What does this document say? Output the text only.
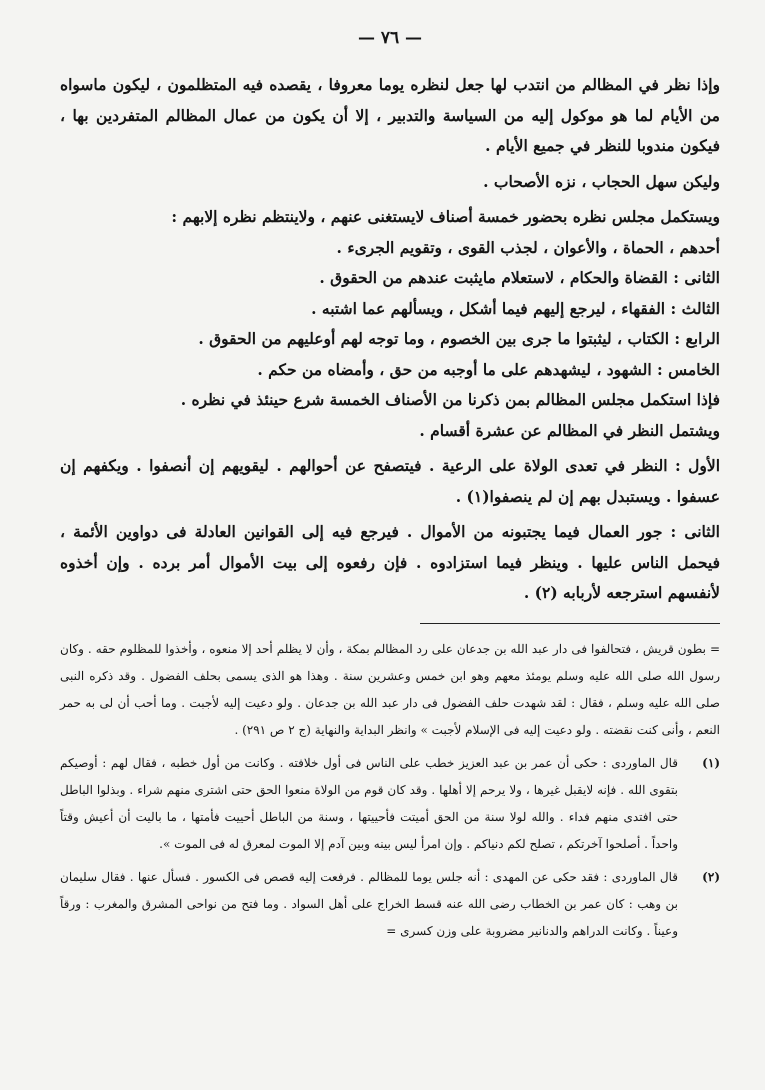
— ٧٦ —

وإذا نظر في المظالم من انتدب لها جعل لنظره يوما معروفا ، يقصده فيه المتظلمون ، ليكون ماسواه من الأيام لما هو موكول إليه من السياسة والتدبير ، إلا أن يكون من عمال المظالم المتفردين بها ، فيكون مندوبا للنظر في جميع الأيام .

وليكن سهل الحجاب ، نزه الأصحاب .

ويستكمل مجلس نظره بحضور خمسة أصناف لايستغنى عنهم ، ولاينتظم نظره إلابهم :

أحدهم ، الحماة ، والأعوان ، لجذب القوى ، وتقويم الجرىء .

الثانى : القضاة والحكام ، لاستعلام مايثبت عندهم من الحقوق .

الثالث : الفقهاء ، ليرجع إليهم فيما أشكل ، ويسألهم عما اشتبه .

الرابع : الكتاب ، ليثبتوا ما جرى بين الخصوم ، وما توجه لهم أوعليهم من الحقوق .

الخامس : الشهود ، ليشهدهم على ما أوجبه من حق ، وأمضاه من حكم .

فإذا استكمل مجلس المظالم بمن ذكرنا من الأصناف الخمسة شرع حينئذ في نظره .

ويشتمل النظر في المظالم عن عشرة أقسام .

الأول : النظر في تعدى الولاة على الرعية . فيتصفح عن أحوالهم . ليقويهم إن أنصفوا . ويكفهم إن عسفوا . ويستبدل بهم إن لم ينصفوا(١) .

الثانى : جور العمال فيما يجتبونه من الأموال . فيرجع فيه إلى القوانين العادلة فى دواوين الأئمة ، فيحمل الناس عليها . وينظر فيما استزادوه . فإن رفعوه إلى بيت الأموال أمر برده . وإن أخذوه لأنفسهم استرجعه لأربابه (٢) .

= بطون قريش ، فتحالفوا فى دار عبد الله بن جدعان على رد المظالم بمكة ، وأن لا يظلم أحد إلا منعوه ، وأخذوا للمظلوم حقه . وكان رسول الله صلى الله عليه وسلم يومئذ معهم وهو ابن خمس وعشرين سنة . وهذا هو الذى يسمى بحلف الفضول . وقد ذكره النبى صلى الله عليه وسلم ، فقال : لقد شهدت حلف الفضول فى دار عبد الله بن جدعان . ولو دعيت إليه لأجبت . وما أحب أن لى به حمر النعم ، وأنى كنت نقضته . ولو دعيت إليه فى الإسلام لأجبت » وانظر البداية والنهاية (ج ٢ ص ٢٩١) .
(١)
قال الماوردى : حكى أن عمر بن عبد العزيز خطب على الناس فى أول خلافته . وكانت من أول خطبه ، فقال لهم : أوصيكم بتقوى الله . فإنه لايقبل غيرها ، ولا يرحم إلا أهلها . وقد كان قوم من الولاة منعوا الحق حتى اشترى منهم شراء . وبذلوا الباطل حتى افتدى منهم فداء . والله لولا سنة من الحق أميتت فأحييتها ، وسنة من الباطل أحييت فأمتها ، ما باليت أن أعيش وقتاً واحداً . أصلحوا آخرتكم ، تصلح لكم دنياكم . وإن امرأ ليس بينه وبين آدم إلا الموت لمعرق له فى الموت ».
(٢)
قال الماوردى : فقد حكى عن المهدى : أنه جلس يوما للمظالم . فرفعت إليه قصص فى الكسور . فسأل عنها . فقال سليمان بن وهب : كان عمر بن الخطاب رضى الله عنه قسط الخراج على أهل السواد . وما فتح من نواحى المشرق والمغرب : ورقاً وعيناً . وكانت الدراهم والدنانير مضروبة على وزن كسرى =
